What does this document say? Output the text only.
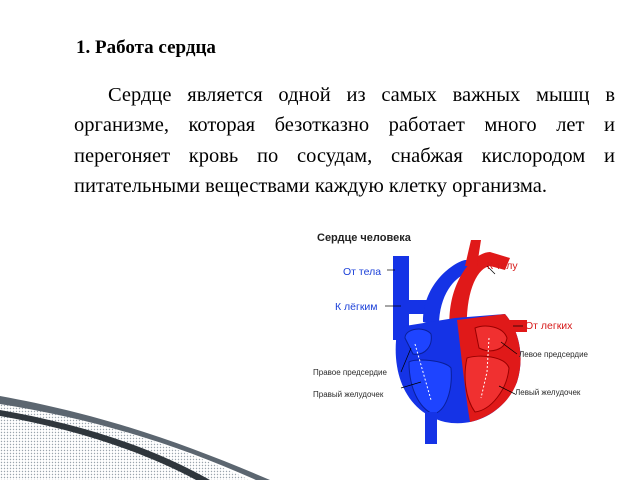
1. Работа сердца

Сердце является одной из самых важных мышц в организме, которая безотказно работает много лет и перегоняет кровь по сосудам, снабжая кислородом и питательными веществами каждую клетку организма.

Сердце человека
От тела	К телу
К лёгким
От легких
Левое предсердие
Правое предсердие
Правый желудочек	Левый желудочек
